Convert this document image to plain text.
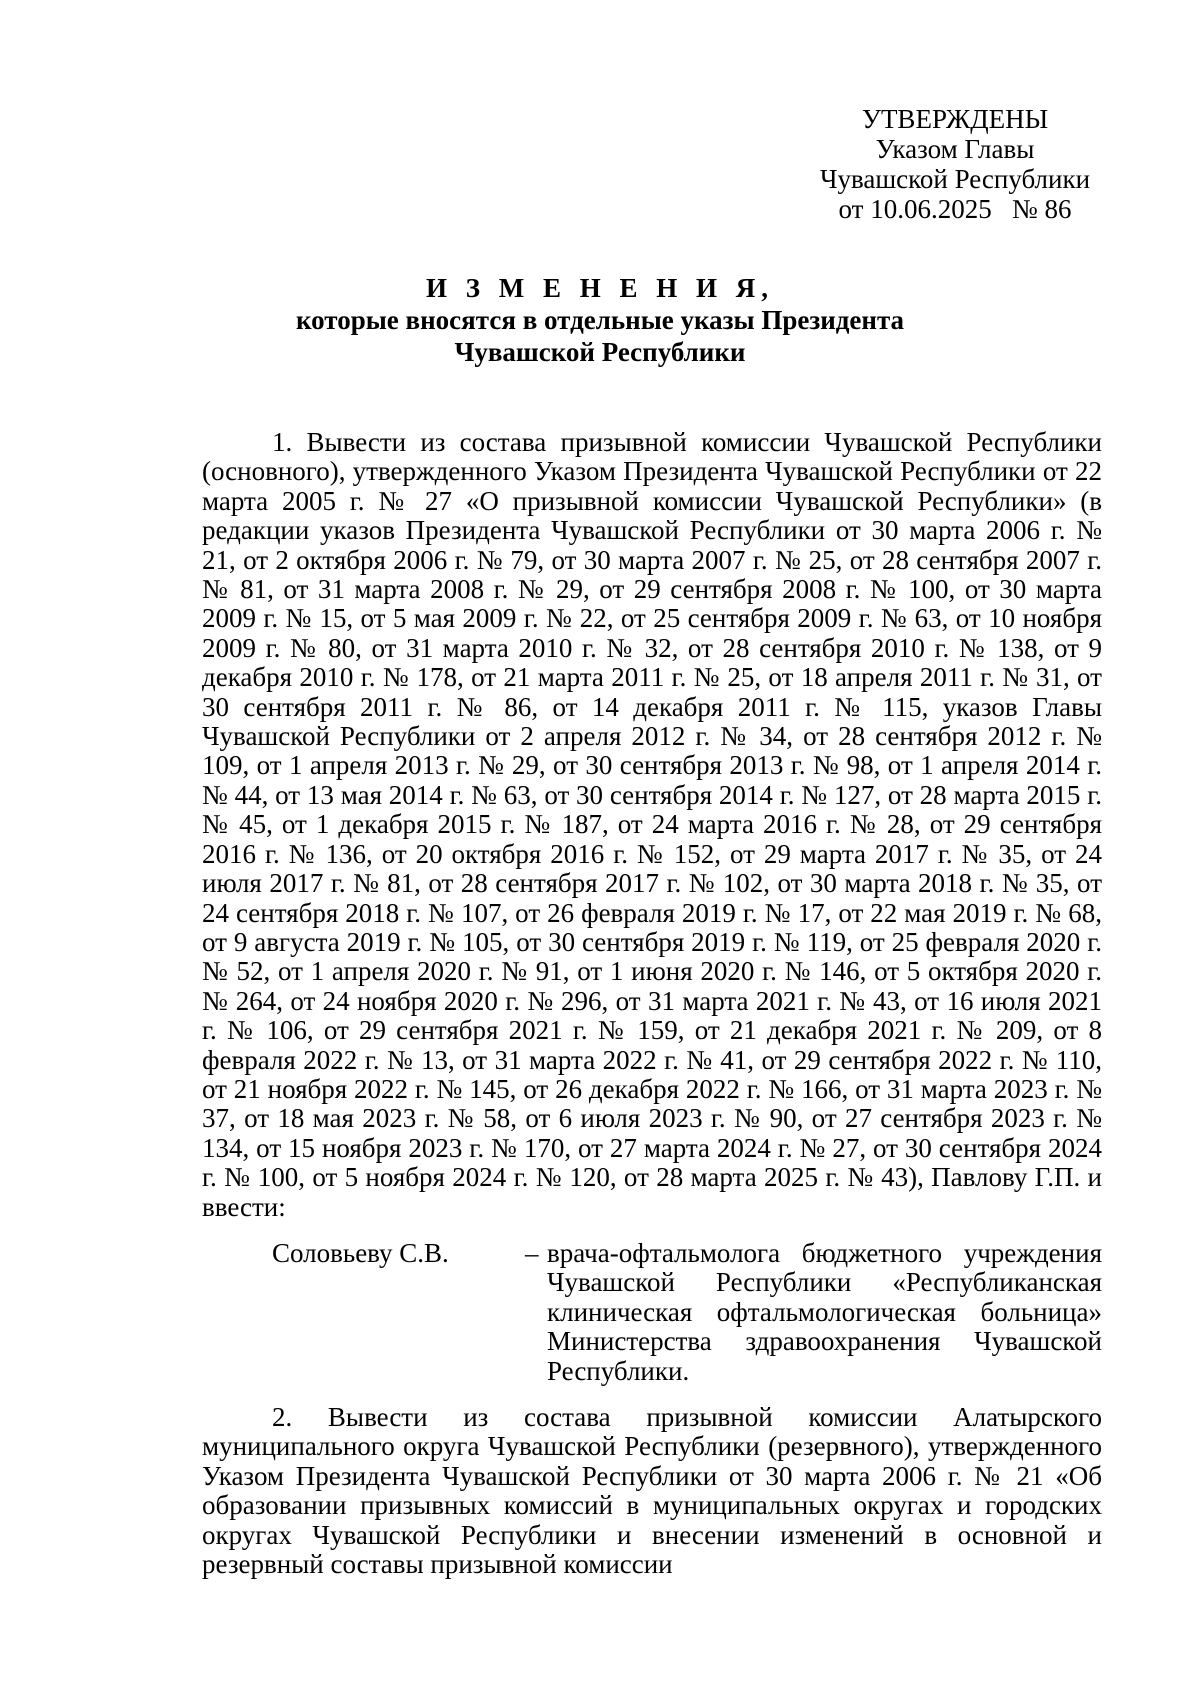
УТВЕРЖДЕНЫ
Указом Главы
Чувашской Республики
от 10.06.2025   № 86
И З М Е Н Е Н И Я,
которые вносятся в отдельные указы Президента
Чувашской Республики

1. Вывести из состава призывной комиссии Чувашской Республики (основного), утвержденного Указом Президента Чувашской Республики от 22 марта 2005 г. № 27 «О призывной комиссии Чувашской Республики» (в редакции указов Президента Чувашской Республики от 30 марта 2006 г. № 21, от 2 октября 2006 г. № 79, от 30 марта 2007 г. № 25, от 28 сентября 2007 г. № 81, от 31 марта 2008 г. № 29, от 29 сентября 2008 г. № 100, от 30 марта 2009 г. № 15, от 5 мая 2009 г. № 22, от 25 сентября 2009 г. № 63, от 10 ноября 2009 г. № 80, от 31 марта 2010 г. № 32, от 28 сентября 2010 г. № 138, от 9 декабря 2010 г. № 178, от 21 марта 2011 г. № 25, от 18 апреля 2011 г. № 31, от 30 сентября 2011 г. № 86, от 14 декабря 2011 г. № 115, указов Главы Чувашской Республики от 2 апреля 2012 г. № 34, от 28 сентября 2012 г. № 109, от 1 апреля 2013 г. № 29, от 30 сентября 2013 г. № 98, от 1 апреля 2014 г. № 44, от 13 мая 2014 г. № 63, от 30 сентября 2014 г. № 127, от 28 марта 2015 г. № 45, от 1 декабря 2015 г. № 187, от 24 марта 2016 г. № 28, от 29 сентября 2016 г. № 136, от 20 октября 2016 г. № 152, от 29 марта 2017 г. № 35, от 24 июля 2017 г. № 81, от 28 сентября 2017 г. № 102, от 30 марта 2018 г. № 35, от 24 сентября 2018 г. № 107, от 26 февраля 2019 г. № 17, от 22 мая 2019 г. № 68, от 9 августа 2019 г. № 105, от 30 сентября 2019 г. № 119, от 25 февраля 2020 г. № 52, от 1 апреля 2020 г. № 91, от 1 июня 2020 г. № 146, от 5 октября 2020 г. № 264, от 24 ноября 2020 г. № 296, от 31 марта 2021 г. № 43, от 16 июля 2021 г. № 106, от 29 сентября 2021 г. № 159, от 21 декабря 2021 г. № 209, от 8 февраля 2022 г. № 13, от 31 марта 2022 г. № 41, от 29 сентября 2022 г. № 110, от 21 ноября 2022 г. № 145, от 26 декабря 2022 г. № 166, от 31 марта 2023 г. № 37, от 18 мая 2023 г. № 58, от 6 июля 2023 г. № 90, от 27 сентября 2023 г. № 134, от 15 ноября 2023 г. № 170, от 27 марта 2024 г. № 27, от 30 сентября 2024 г. № 100, от 5 ноября 2024 г. № 120, от 28 марта 2025 г. № 43), Павлову Г.П. и ввести:

Соловьеву С.В.	– врача-офтальмолога бюджетного учреждения Чувашской Республики «Республиканская клиническая офтальмологическая больница» Министерства здравоохранения Чувашской Республики.

2. Вывести из состава призывной комиссии Алатырского муниципального округа Чувашской Республики (резервного), утвержденного Указом Президента Чувашской Республики от 30 марта 2006 г. № 21 «Об образовании призывных комиссий в муниципальных округах и городских округах Чувашской Республики и внесении изменений в основной и резервный составы призывной комиссии
